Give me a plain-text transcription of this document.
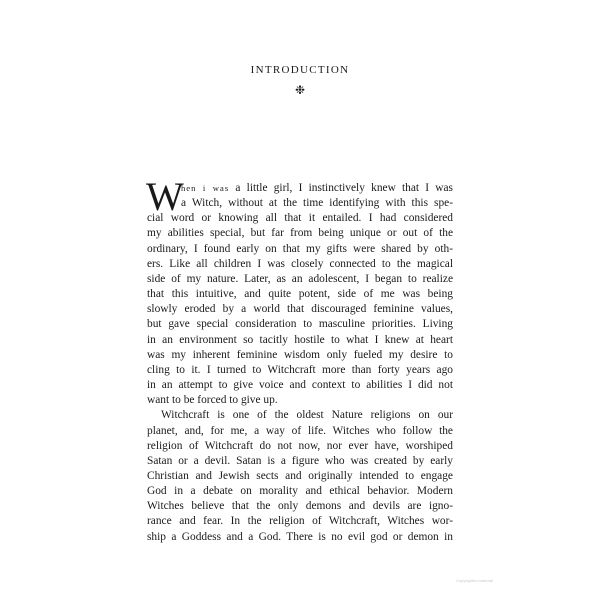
INTRODUCTION
❉
W
hen i was a little girl, I instinctively knew that I was
a Witch, without at the time identifying with this spe-
cial word or knowing all that it entailed. I had considered
my abilities special, but far from being unique or out of the
ordinary, I found early on that my gifts were shared by oth-
ers. Like all children I was closely connected to the magical
side of my nature. Later, as an adolescent, I began to realize
that this intuitive, and quite potent, side of me was being
slowly eroded by a world that discouraged feminine values,
but gave special consideration to masculine priorities. Living
in an environment so tacitly hostile to what I knew at heart
was my inherent feminine wisdom only fueled my desire to
cling to it. I turned to Witchcraft more than forty years ago
in an attempt to give voice and context to abilities I did not
want to be forced to give up.
Witchcraft is one of the oldest Nature religions on our
planet, and, for me, a way of life. Witches who follow the
religion of Witchcraft do not now, nor ever have, worshiped
Satan or a devil. Satan is a figure who was created by early
Christian and Jewish sects and originally intended to engage
God in a debate on morality and ethical behavior. Modern
Witches believe that the only demons and devils are igno-
rance and fear. In the religion of Witchcraft, Witches wor-
ship a Goddess and a God. There is no evil god or demon in
Copyrighted material
